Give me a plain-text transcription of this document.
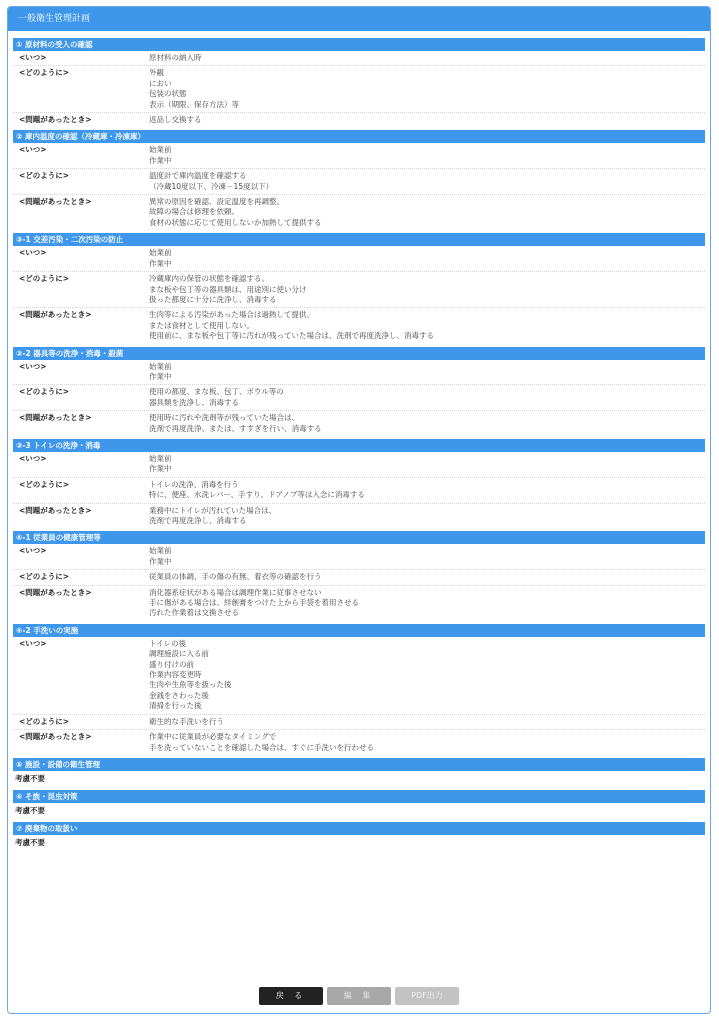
一般衛生管理計画
① 原材料の受入の確認
<いつ>	原材料の納入時
<どのように>	外観
におい
包装の状態
表示（期限、保存方法）等
<問題があったとき>	返品し交換する
② 庫内温度の確認（冷蔵庫・冷凍庫）
<いつ>	始業前
作業中
<どのように>	温度計で庫内温度を確認する
（冷蔵10度以下、冷凍－15度以下）
<問題があったとき>	異常の原因を確認、設定温度を再調整。
故障の場合は修理を依頼。
食材の状態に応じて使用しないか加熱して提供する
③-1 交差汚染・二次汚染の防止
<いつ>	始業前
作業中
<どのように>	冷蔵庫内の保管の状態を確認する。
まな板や包丁等の器具類は、用途別に使い分け
扱った都度に十分に洗浄し、消毒する
<問題があったとき>	生肉等による汚染があった場合は過熱して提供、
または食材として使用しない。
使用前に、まな板や包丁等に汚れが残っていた場合は、洗剤で再度洗浄し、消毒する
③-2 器具等の洗浄・消毒・殺菌
<いつ>	始業前
作業中
<どのように>	使用の都度、まな板、包丁、ボウル等の
器具類を洗浄し、消毒する
<問題があったとき>	使用時に汚れや洗剤等が残っていた場合は、
洗剤で再度洗浄、または、すすぎを行い、消毒する
③-3 トイレの洗浄・消毒
<いつ>	始業前
作業中
<どのように>	トイレの洗浄、消毒を行う
特に、便座、水洗レバー、手すり、ドアノブ等は入念に消毒する
<問題があったとき>	業務中にトイレが汚れていた場合は、
洗剤で再度洗浄し、消毒する
④-1 従業員の健康管理等
<いつ>	始業前
作業中
<どのように>	従業員の体調、手の傷の有無、着衣等の確認を行う
<問題があったとき>	消化器系症状がある場合は調理作業に従事させない
手に傷がある場合は、絆創膏をつけた上から手袋を着用させる
汚れた作業着は交換させる
④-2 手洗いの実施
<いつ>	トイレの後
調理施設に入る前
盛り付けの前
作業内容変更時
生肉や生魚等を扱った後
金銭をさわった後
清掃を行った後
<どのように>	衛生的な手洗いを行う
<問題があったとき>	作業中に従業員が必要なタイミングで
手を洗っていないことを確認した場合は、すぐに手洗いを行わせる
⑤ 施設・設備の衛生管理
考慮不要
⑥ そ族・昆虫対策
考慮不要
⑦ 廃棄物の取扱い
考慮不要
戻 る	編 集	PDF出力
